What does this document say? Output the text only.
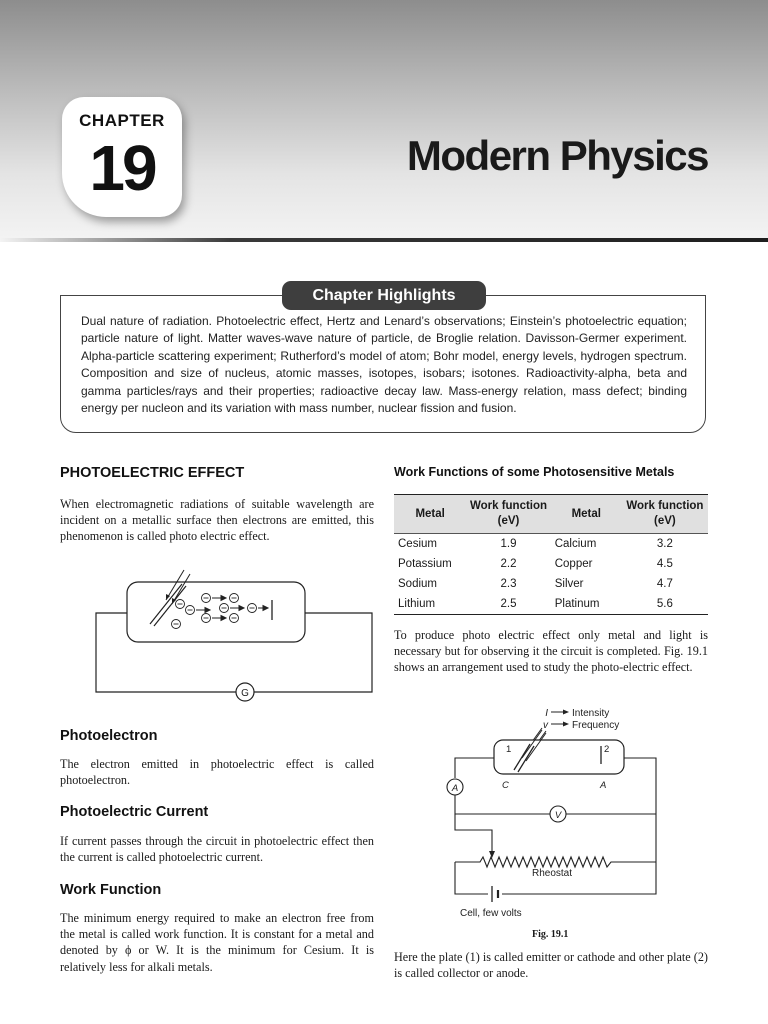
CHAPTER
19	Modern Physics
Chapter Highlights
Dual nature of radiation. Photoelectric effect, Hertz and Lenard’s observations; Einstein’s photoelectric equation; particle nature of light. Matter waves-wave nature of particle, de Broglie relation. Davisson-Germer experiment. Alpha-particle scattering experiment; Rutherford’s model of atom; Bohr model, energy levels, hydrogen spectrum. Composition and size of nucleus, atomic masses, isotopes, isobars; isotones. Radioactivity-alpha, beta and gamma particles/rays and their properties; radioactive decay law. Mass-energy relation, mass defect; binding energy per nucleon and its variation with mass number, nuclear fission and fusion.
PHOTOELECTRIC EFFECT
When electromagnetic radiations of suitable wavelength are incident on a metallic surface then electrons are emitted, this phenomenon is called photo electric effect.
G
Photoelectron
The electron emitted in photoelectric effect is called photoelectron.
Photoelectric Current
If current passes through the circuit in photoelectric effect then the current is called photoelectric current.
Work Function
The minimum energy required to make an electron free from the metal is called work function. It is constant for a metal and denoted by ϕ or W. It is the minimum for Cesium. It is relatively less for alkali metals.
Work Functions of some Photosensitive Metals
Metal	Work function (eV)	Metal	Work function (eV)
Cesium	1.9	Calcium	3.2
Potassium	2.2	Copper	4.5
Sodium	2.3	Silver	4.7
Lithium	2.5	Platinum	5.6
To produce photo electric effect only metal and light is necessary but for observing it the circuit is completed. Fig. 19.1 shows an arrangement used to study the photo-electric effect.
I Intensity
v Frequency
1	2
C	A
A
V
Rheostat
Cell, few volts
Fig. 19.1
Here the plate (1) is called emitter or cathode and other plate (2) is called collector or anode.
